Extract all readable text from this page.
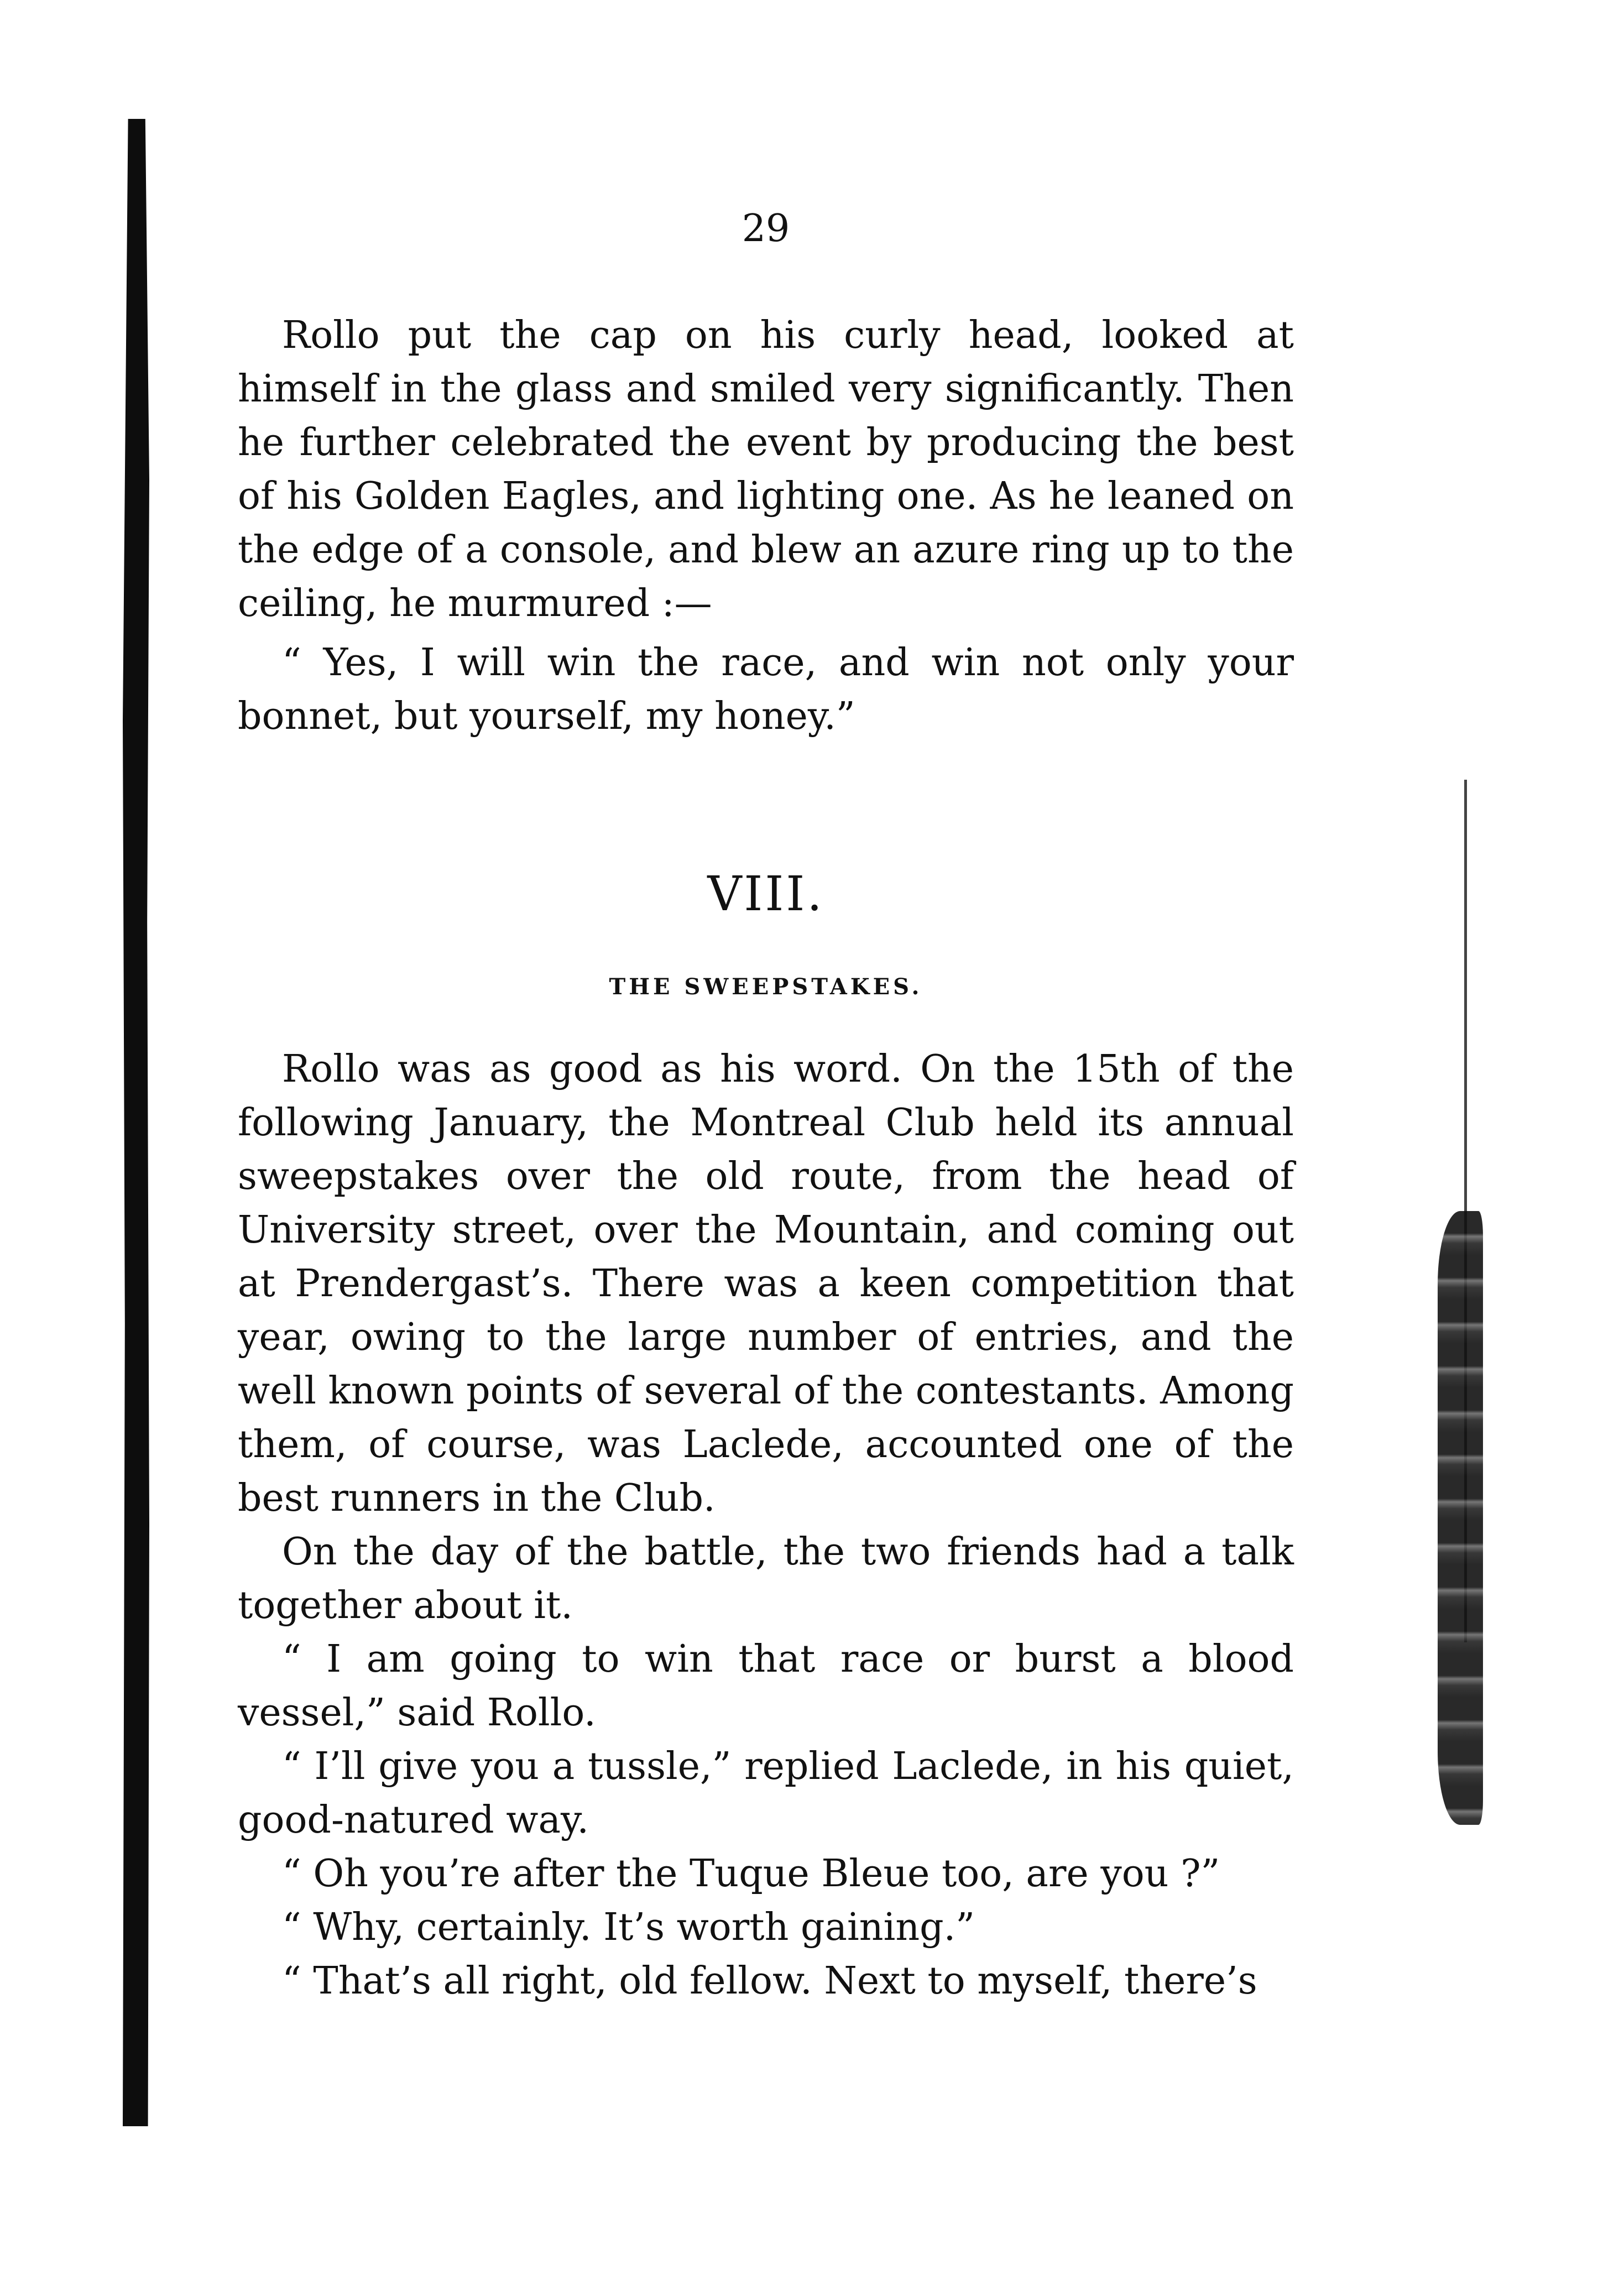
29

Rollo put the cap on his curly head, looked at himself in the glass and smiled very significantly. Then he further celebrated the event by producing the best of his Golden Eagles, and lighting one. As he leaned on the edge of a console, and blew an azure ring up to the ceiling, he murmured :—

“ Yes, I will win the race, and win not only your bonnet, but yourself, my honey.”

VIII.
THE SWEEPSTAKES.

Rollo was as good as his word. On the 15th of the following January, the Montreal Club held its annual sweepstakes over the old route, from the head of University street, over the Mountain, and coming out at Prendergast’s. There was a keen competition that year, owing to the large number of entries, and the well known points of several of the contestants. Among them, of course, was Laclede, accounted one of the best runners in the Club.

On the day of the battle, the two friends had a talk together about it.

“ I am going to win that race or burst a blood vessel,” said Rollo.

“ I’ll give you a tussle,” replied Laclede, in his quiet, good-natured way.

“ Oh you’re after the Tuque Bleue too, are you ?”

“ Why, certainly. It’s worth gaining.”

“ That’s all right, old fellow. Next to myself, there’s
